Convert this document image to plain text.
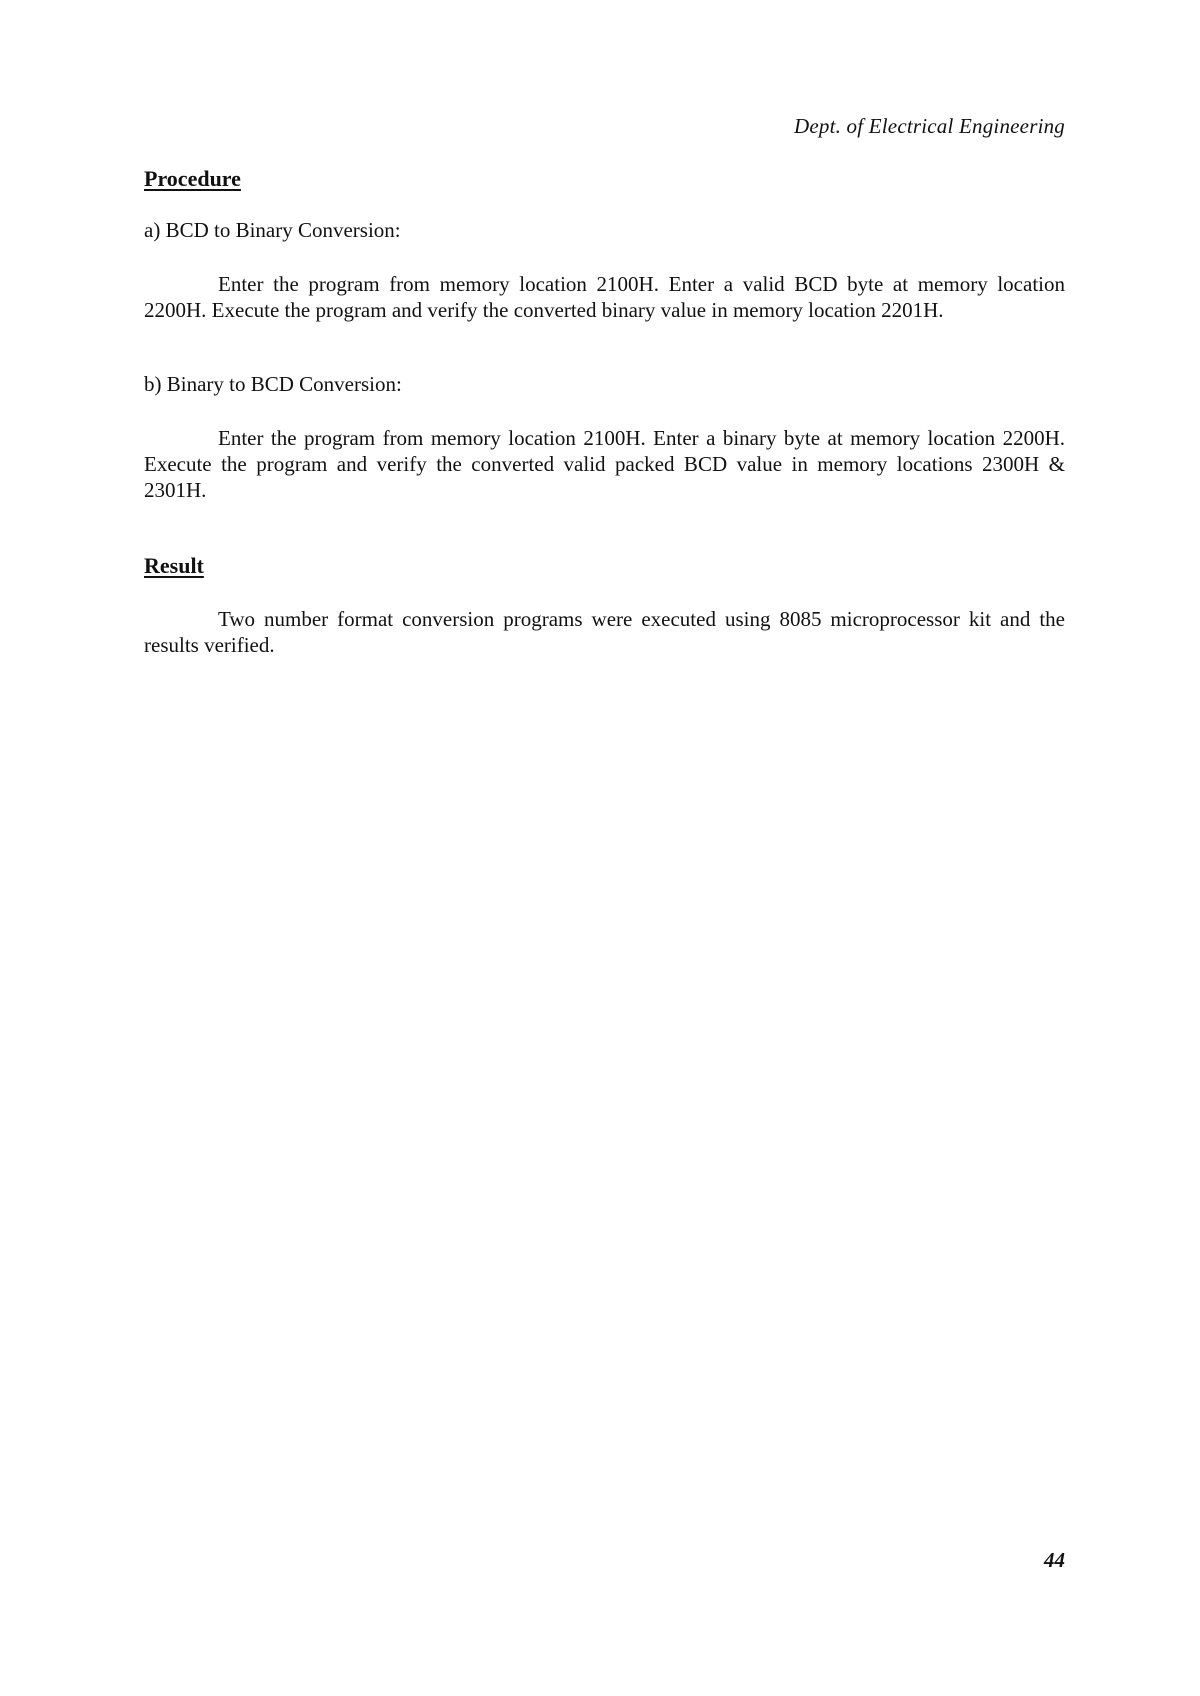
Dept. of Electrical Engineering
Procedure
a) BCD to Binary Conversion:

Enter the program from memory location 2100H. Enter a valid BCD byte at memory location 2200H. Execute the program and verify the converted binary value in memory location 2201H.

b) Binary to BCD Conversion:

Enter the program from memory location 2100H. Enter a binary byte at memory location 2200H. Execute the program and verify the converted valid packed BCD value in memory locations 2300H & 2301H.

Result

Two number format conversion programs were executed using 8085 microprocessor kit and the results verified.

44
